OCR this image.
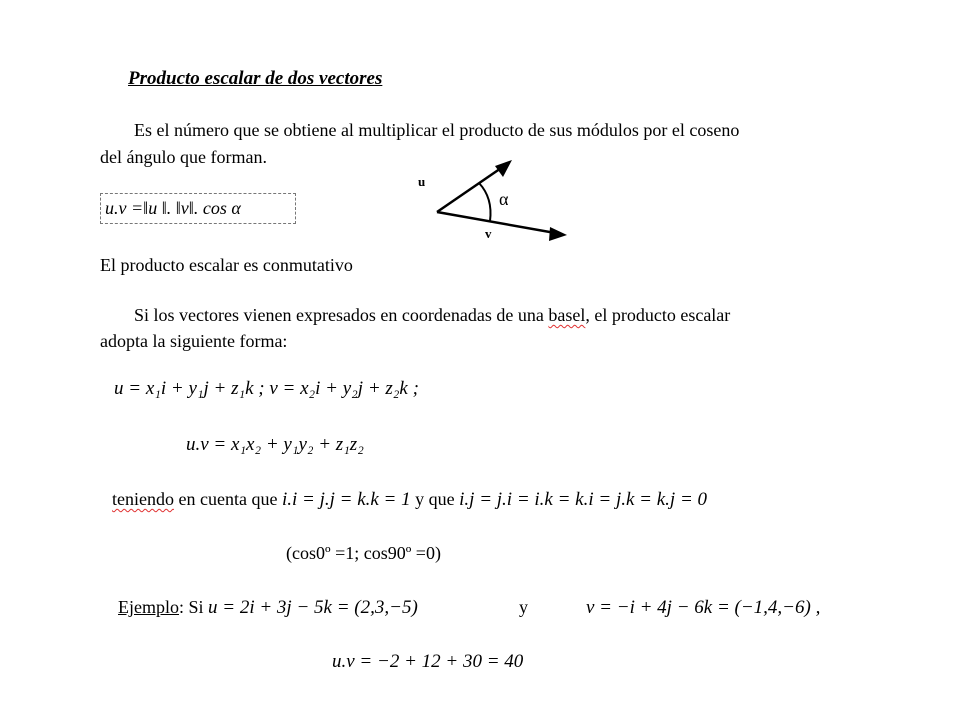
Producto escalar de dos vectores
Es el número que se obtiene al multiplicar el producto de sus módulos por el coseno
del ángulo que forman.
u.v =‖u ‖. ‖v‖. cos α
u
v
α
El producto escalar es conmutativo
Si los vectores vienen expresados en coordenadas de una basel, el producto escalar
adopta la siguiente forma:
u = x₁i + y₁j + z₁k ; v = x₂i + y₂j + z₂k ;
u.v = x₁x₂ + y₁y₂ + z₁z₂
teniendo en cuenta que i.i = j.j = k.k = 1 y que i.j = j.i = i.k = k.i = j.k = k.j = 0
(cos0º =1; cos90º =0)
Ejemplo: Si u = 2i + 3j − 5k = (2,3,−5)	y	v = −i + 4j − 6k = (−1,4,−6) ,
u.v = −2 + 12 + 30 = 40
